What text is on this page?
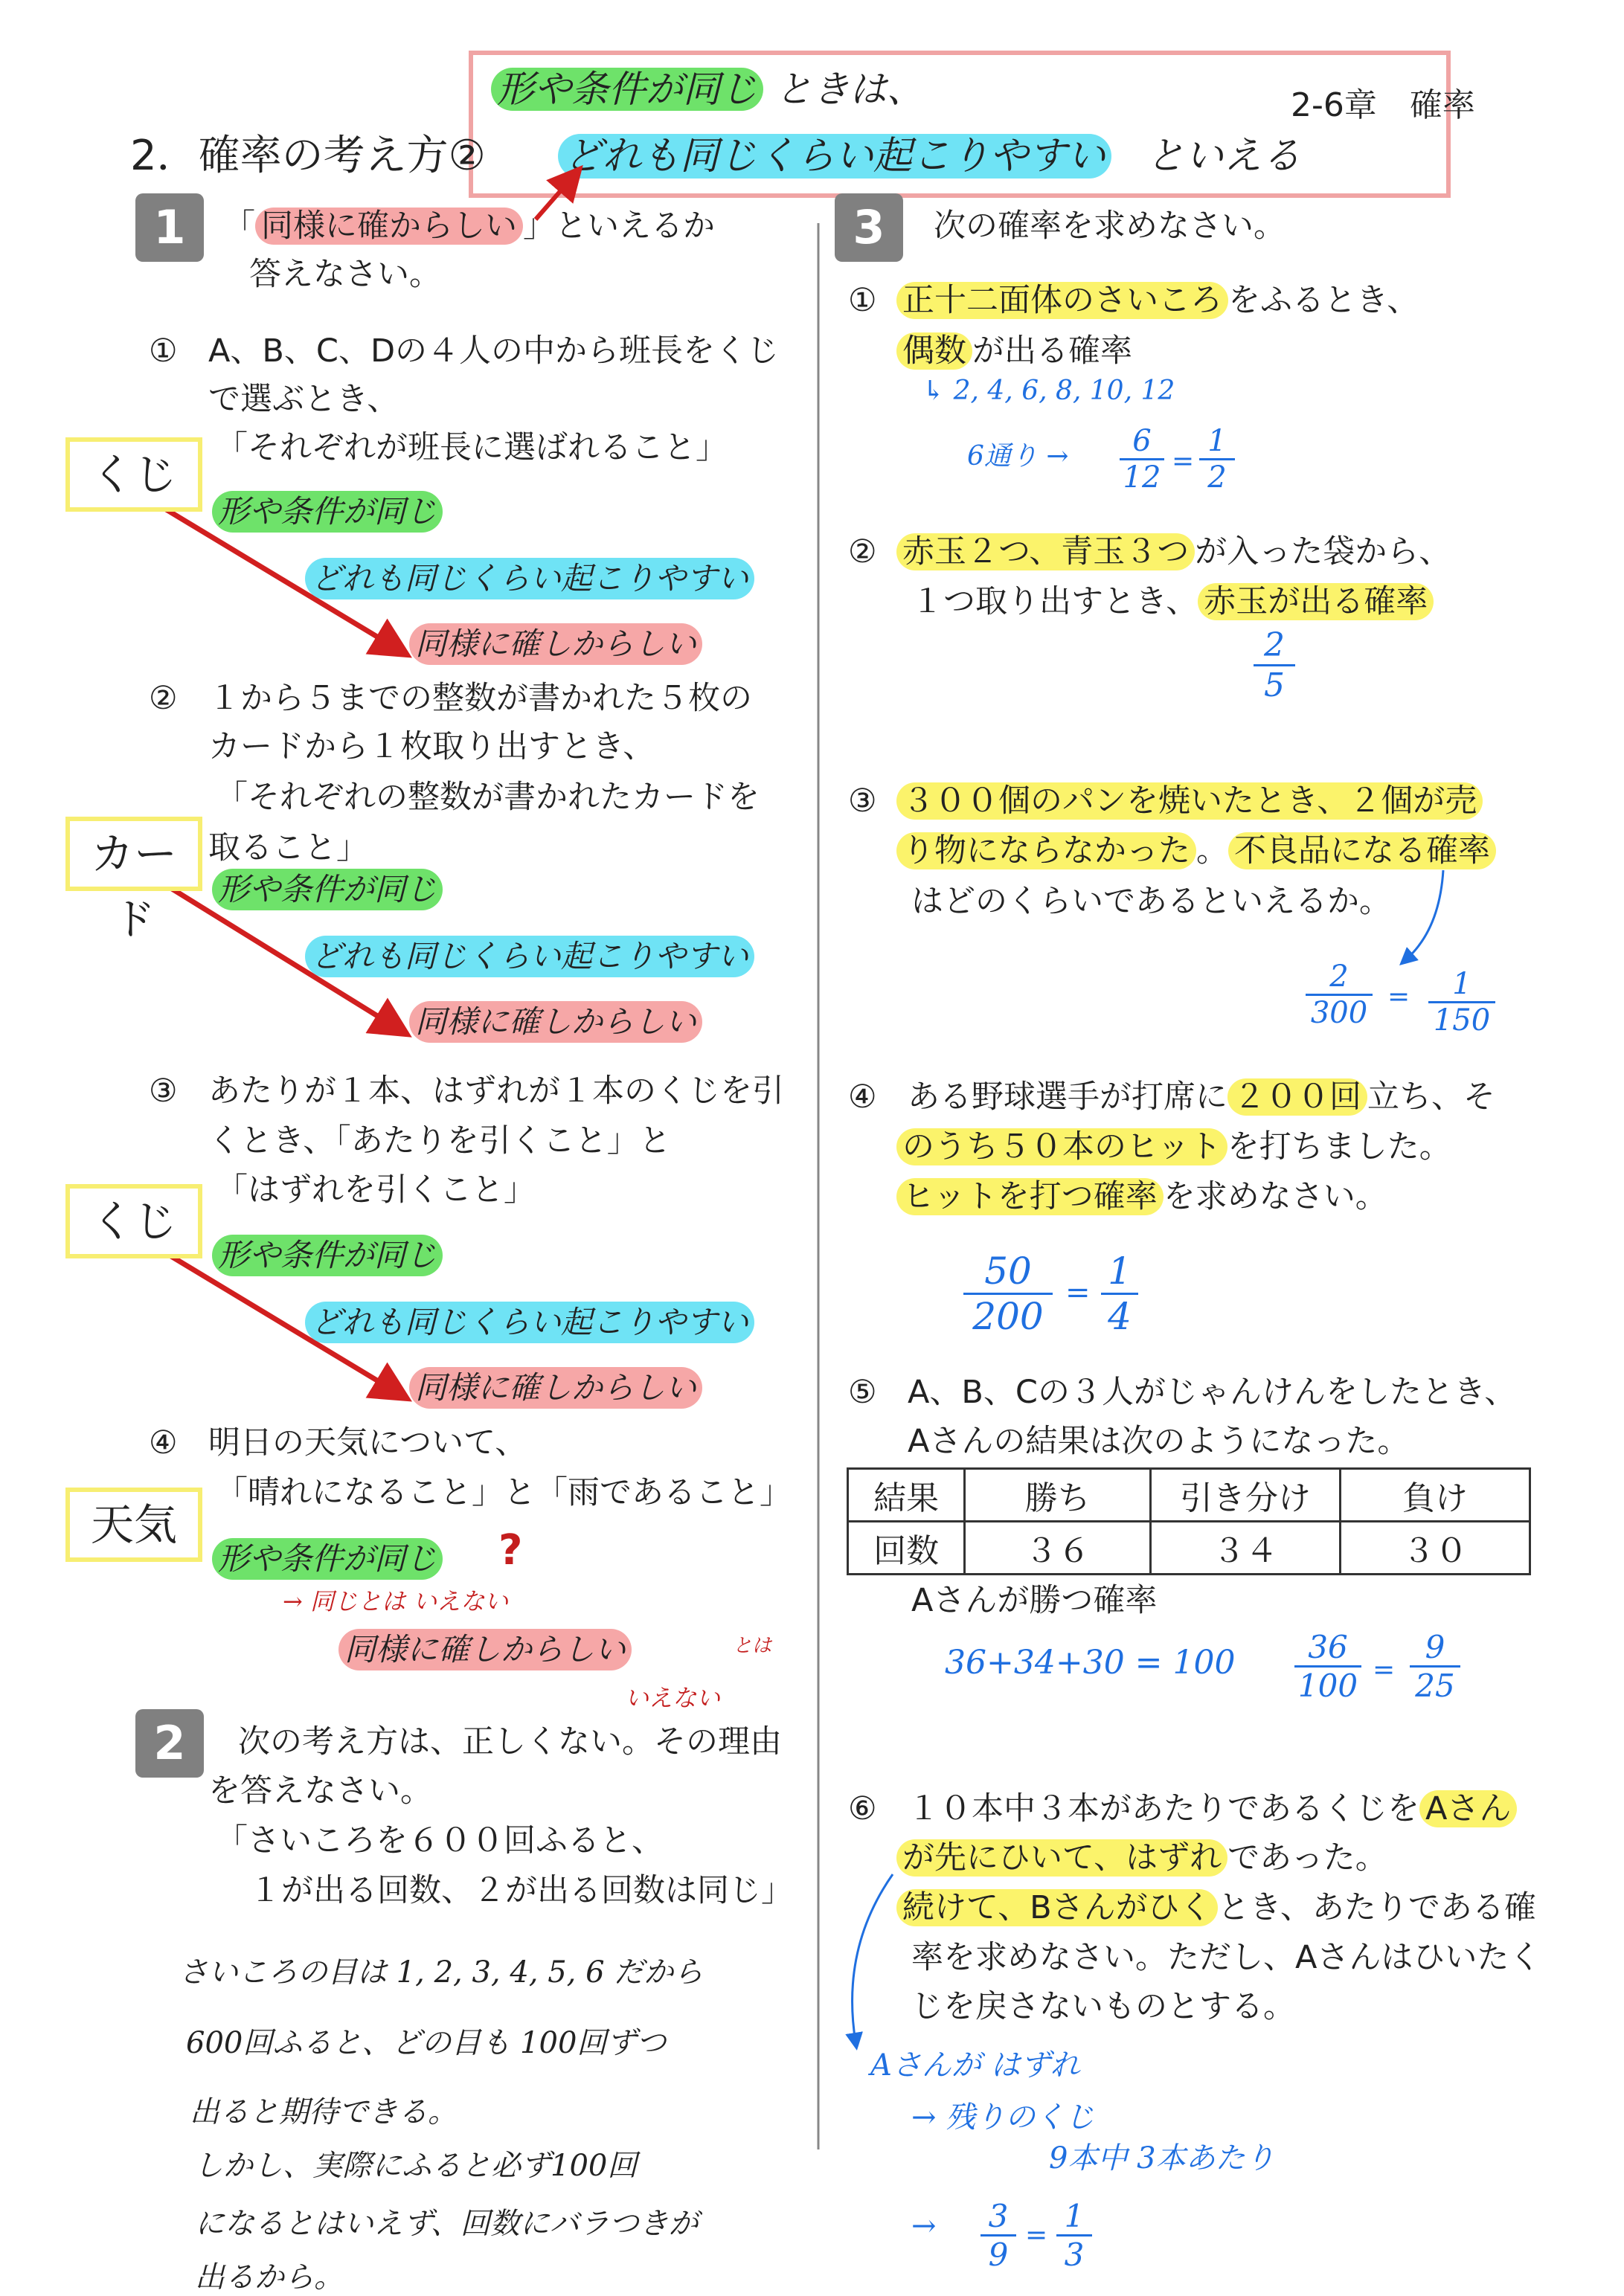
形や条件が同じ ときは、	2-6章　確率
どれも同じくらい起こりやすい といえる
2．確率の考え方②
1	「 同様に確からしい 」といえるか
答えなさい。
① A、B、C、Dの４人の中から班長をくじ
で選ぶとき、
「それぞれが班長に選ばれること」
くじ
形や条件が同じ
どれも同じくらい起こりやすい
同様に確しからしい
② １から５までの整数が書かれた５枚の
カードから１枚取り出すとき、
「それぞれの整数が書かれたカードを
取ること」
カード
形や条件が同じ
どれも同じくらい起こりやすい
同様に確しからしい
③ あたりが１本、はずれが１本のくじを引
くとき、「あたりを引くこと」と
「はずれを引くこと」
くじ
形や条件が同じ
どれも同じくらい起こりやすい
同様に確しからしい
④ 明日の天気について、
「晴れになること」と「雨であること」
天気
形や条件が同じ ?
→ 同じとは いえない
同様に確しからしい	とは
いえない
2	次の考え方は、正しくない。その理由
を答えなさい。
「さいころを６００回ふると、
１が出る回数、２が出る回数は同じ」
さいころの目は 1, 2, 3, 4, 5, 6 だから
600回ふると、どの目も 100回ずつ
出ると期待できる。
しかし、実際にふると必ず100回
になるとはいえず、回数にバラつきが
出るから。
3	次の確率を求めなさい。
① 正十二面体のさいころ をふるとき、
偶数 が出る確率
↳ 2, 4, 6, 8, 10, 12
6通り → $\frac{6}{12} = \frac{1}{2}$
② 赤玉２つ、青玉３つ が入った袋から、
１つ取り出すとき、 赤玉が出る確率
$\frac{2}{5}$
③ ３００個のパンを焼いたとき、２個が売
り物にならなかった 。 不良品になる確率
はどのくらいであるといえるか。
$\frac{2}{300} = \frac{1}{150}$
④ ある野球選手が打席に ２００回 立ち、そ
のうち５０本のヒット を打ちました。
ヒットを打つ確率 を求めなさい。
$\frac{50}{200} = \frac{1}{4}$
⑤ A、B、Cの３人がじゃんけんをしたとき、
Aさんの結果は次のようになった。
結果	勝ち	引き分け	負け
回数	３６	３４	３０
Aさんが勝つ確率
$36+34+30 = 100 \frac{36}{100} = \frac{9}{25}$
⑥ １０本中３本があたりであるくじを Aさん
が先にひいて、はずれ であった。
続けて、Bさんがひく とき、あたりである確
率を求めなさい。ただし、Aさんはひいたく
じを戻さないものとする。
Aさんが はずれ
→ 残りのくじ
9本中 3本あたり
→ $\frac{3}{9} = \frac{1}{3}$
